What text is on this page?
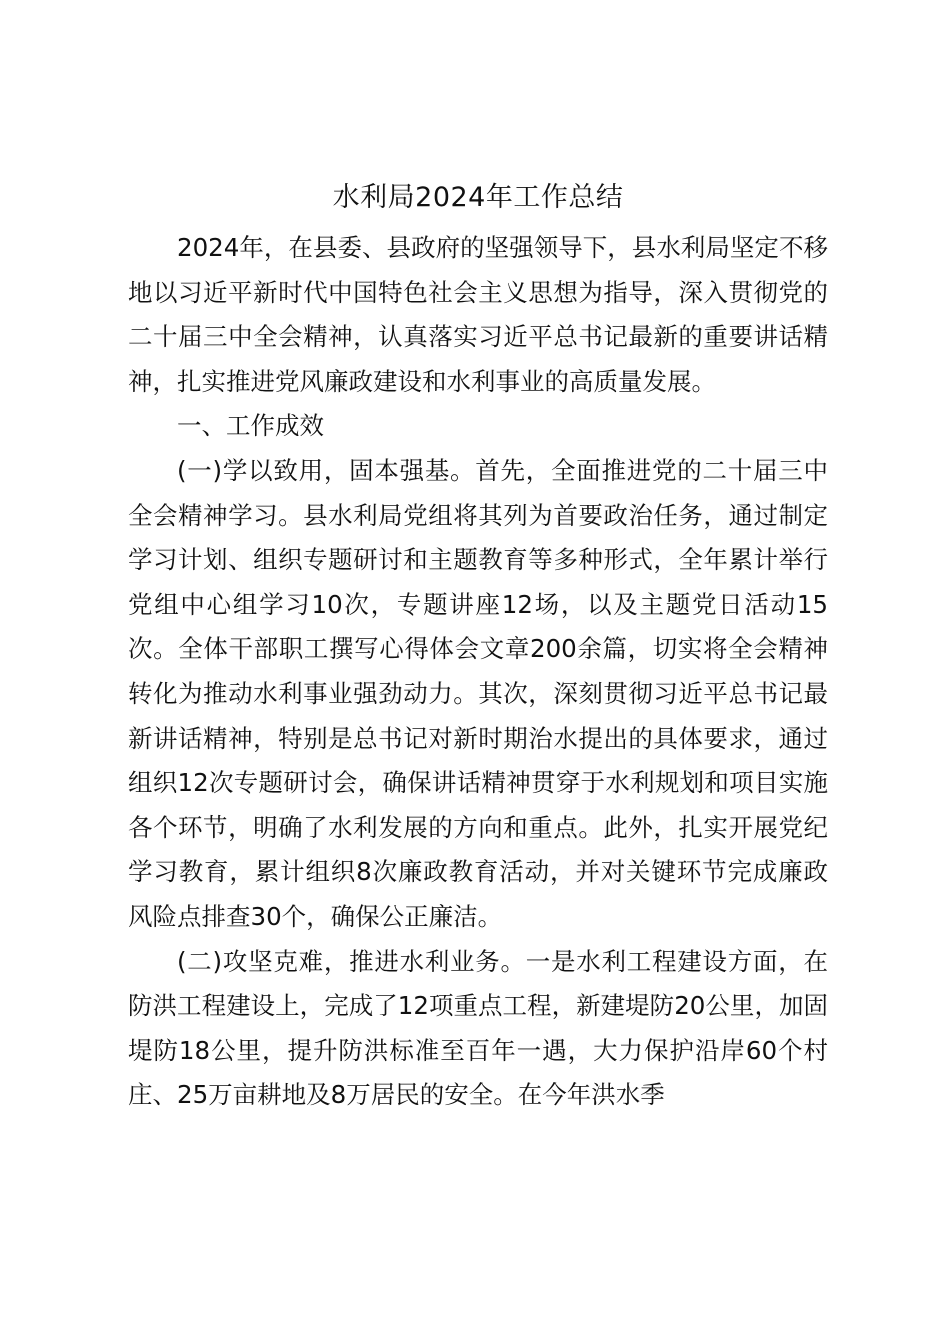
水利局2024年工作总结

2024年，在县委、县政府的坚强领导下，县水利局坚定不移地以习近平新时代中国特色社会主义思想为指导，深入贯彻党的二十届三中全会精神，认真落实习近平总书记最新的重要讲话精神，扎实推进党风廉政建设和水利事业的高质量发展。

一、工作成效

(一)学以致用，固本强基。首先，全面推进党的二十届三中全会精神学习。县水利局党组将其列为首要政治任务，通过制定学习计划、组织专题研讨和主题教育等多种形式，全年累计举行党组中心组学习10次，专题讲座12场，以及主题党日活动15次。全体干部职工撰写心得体会文章200余篇，切实将全会精神转化为推动水利事业强劲动力。其次，深刻贯彻习近平总书记最新讲话精神，特别是总书记对新时期治水提出的具体要求，通过组织12次专题研讨会，确保讲话精神贯穿于水利规划和项目实施各个环节，明确了水利发展的方向和重点。此外，扎实开展党纪学习教育，累计组织8次廉政教育活动，并对关键环节完成廉政风险点排查30个，确保公正廉洁。

(二)攻坚克难，推进水利业务。一是水利工程建设方面，在防洪工程建设上，完成了12项重点工程，新建堤防20公里，加固堤防18公里，提升防洪标准至百年一遇，大力保护沿岸60个村庄、25万亩耕地及8万居民的安全。在今年洪水季
